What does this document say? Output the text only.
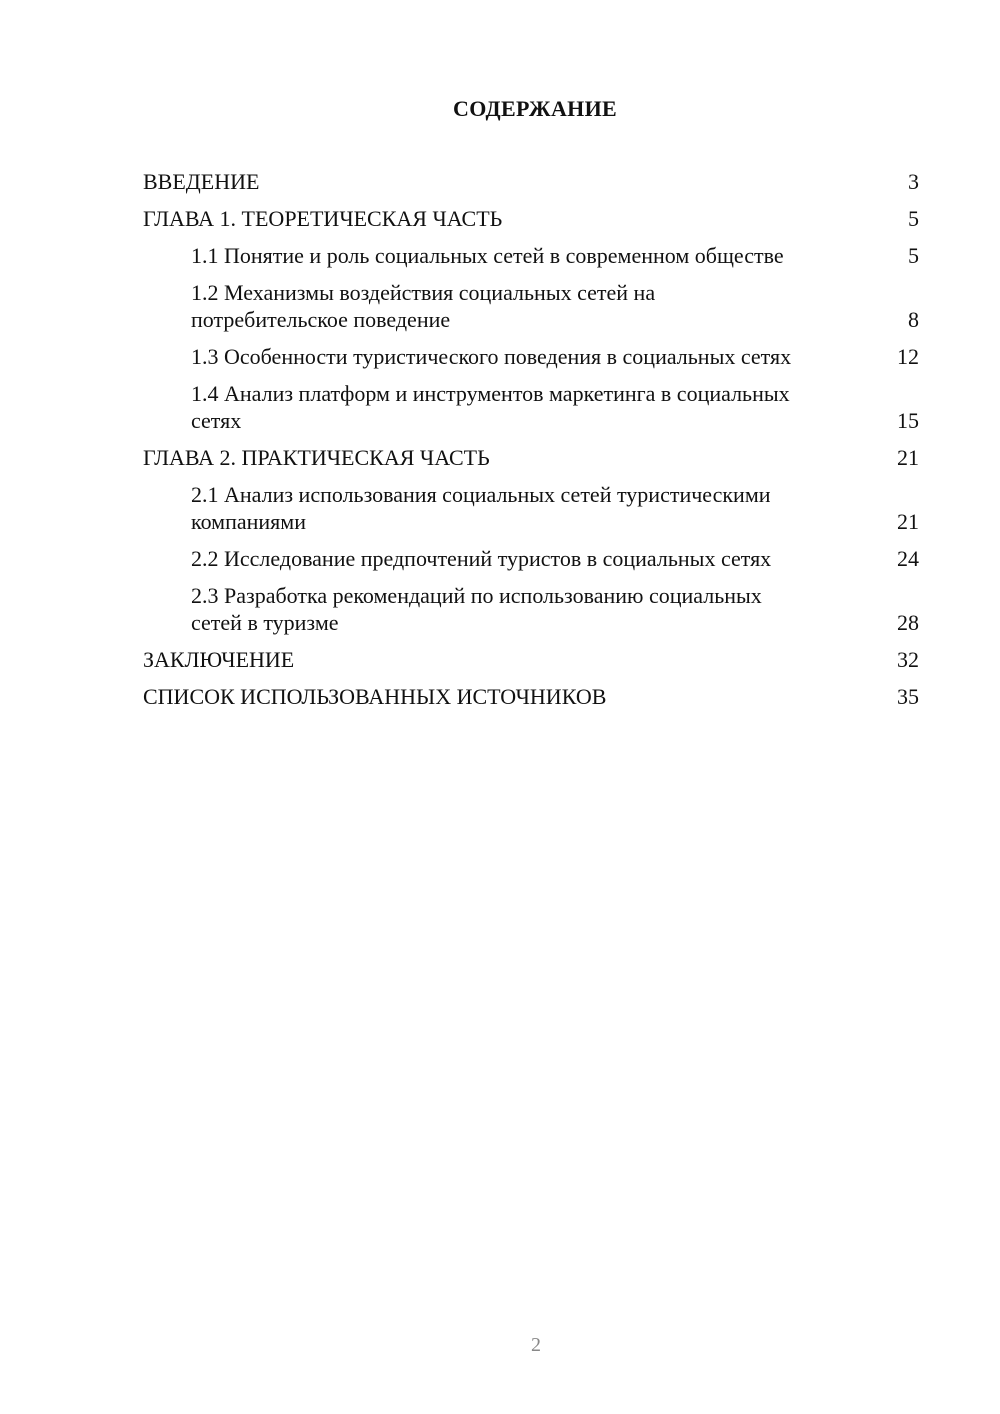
СОДЕРЖАНИЕ
ВВЕДЕНИЕ	3
ГЛАВА 1. ТЕОРЕТИЧЕСКАЯ ЧАСТЬ	5
1.1 Понятие и роль социальных сетей в современном обществе	5
1.2 Механизмы воздействия социальных сетей на потребительское поведение	8
1.3 Особенности туристического поведения в социальных сетях	12
1.4 Анализ платформ и инструментов маркетинга в социальных сетях	15
ГЛАВА 2. ПРАКТИЧЕСКАЯ ЧАСТЬ	21
2.1 Анализ использования социальных сетей туристическими компаниями	21
2.2 Исследование предпочтений туристов в социальных сетях	24
2.3 Разработка рекомендаций по использованию социальных сетей в туризме	28
ЗАКЛЮЧЕНИЕ	32
СПИСОК ИСПОЛЬЗОВАННЫХ ИСТОЧНИКОВ	35
2
